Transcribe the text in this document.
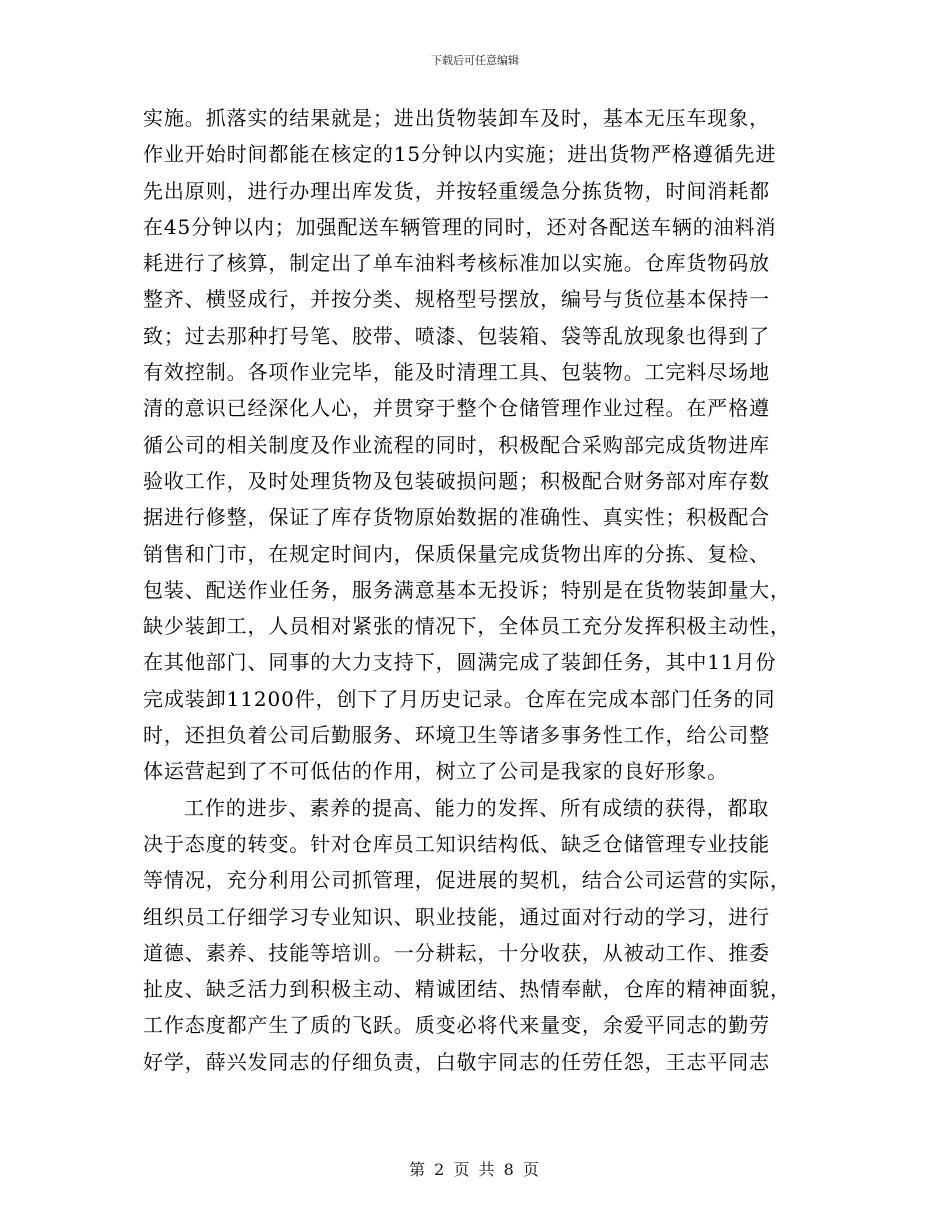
下载后可任意编辑
实施。抓落实的结果就是；进出货物装卸车及时，基本无压车现象，
作业开始时间都能在核定的15分钟以内实施；进出货物严格遵循先进
先出原则，进行办理出库发货，并按轻重缓急分拣货物，时间消耗都
在45分钟以内；加强配送车辆管理的同时，还对各配送车辆的油料消
耗进行了核算，制定出了单车油料考核标准加以实施。仓库货物码放
整齐、横竖成行，并按分类、规格型号摆放，编号与货位基本保持一
致；过去那种打号笔、胶带、喷漆、包装箱、袋等乱放现象也得到了
有效控制。各项作业完毕，能及时清理工具、包装物。工完料尽场地
清的意识已经深化人心，并贯穿于整个仓储管理作业过程。在严格遵
循公司的相关制度及作业流程的同时，积极配合采购部完成货物进库
验收工作，及时处理货物及包装破损问题；积极配合财务部对库存数
据进行修整，保证了库存货物原始数据的准确性、真实性；积极配合
销售和门市，在规定时间内，保质保量完成货物出库的分拣、复检、
包装、配送作业任务，服务满意基本无投诉；特别是在货物装卸量大，
缺少装卸工，人员相对紧张的情况下，全体员工充分发挥积极主动性，
在其他部门、同事的大力支持下，圆满完成了装卸任务，其中11月份
完成装卸11200件，创下了月历史记录。仓库在完成本部门任务的同
时，还担负着公司后勤服务、环境卫生等诸多事务性工作，给公司整
体运营起到了不可低估的作用，树立了公司是我家的良好形象。
工作的进步、素养的提高、能力的发挥、所有成绩的获得，都取
决于态度的转变。针对仓库员工知识结构低、缺乏仓储管理专业技能
等情况，充分利用公司抓管理，促进展的契机，结合公司运营的实际，
组织员工仔细学习专业知识、职业技能，通过面对行动的学习，进行
道德、素养、技能等培训。一分耕耘，十分收获，从被动工作、推委
扯皮、缺乏活力到积极主动、精诚团结、热情奉献，仓库的精神面貌，
工作态度都产生了质的飞跃。质变必将代来量变，余爱平同志的勤劳
好学，薛兴发同志的仔细负责，白敬宇同志的任劳任怨，王志平同志
第 2 页 共 8 页
